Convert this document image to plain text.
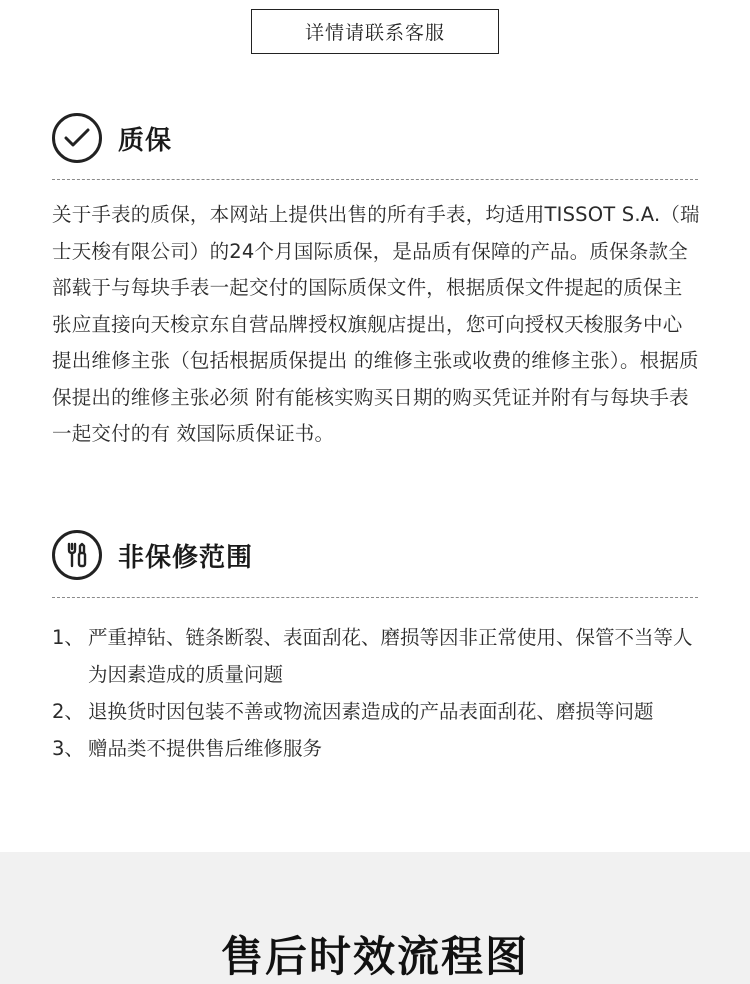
详情请联系客服
质保
关于手表的质保，本网站上提供出售的所有手表，均适用TISSOT S.A.（瑞士天梭有限公司）的24个月国际质保，是品质有保障的产品。质保条款全部载于与每块手表一起交付的国际质保文件，根据质保文件提起的质保主张应直接向天梭京东自营品牌授权旗舰店提出，您可向授权天梭服务中心提出维修主张（包括根据质保提出 的维修主张或收费的维修主张）。根据质保提出的维修主张必须 附有能核实购买日期的购买凭证并附有与每块手表一起交付的有 效国际质保证书。
非保修范围
1、 严重掉钻、链条断裂、表面刮花、磨损等因非正常使用、保管不当等人为因素造成的质量问题
2、 退换货时因包装不善或物流因素造成的产品表面刮花、磨损等问题
3、 赠品类不提供售后维修服务
售后时效流程图
